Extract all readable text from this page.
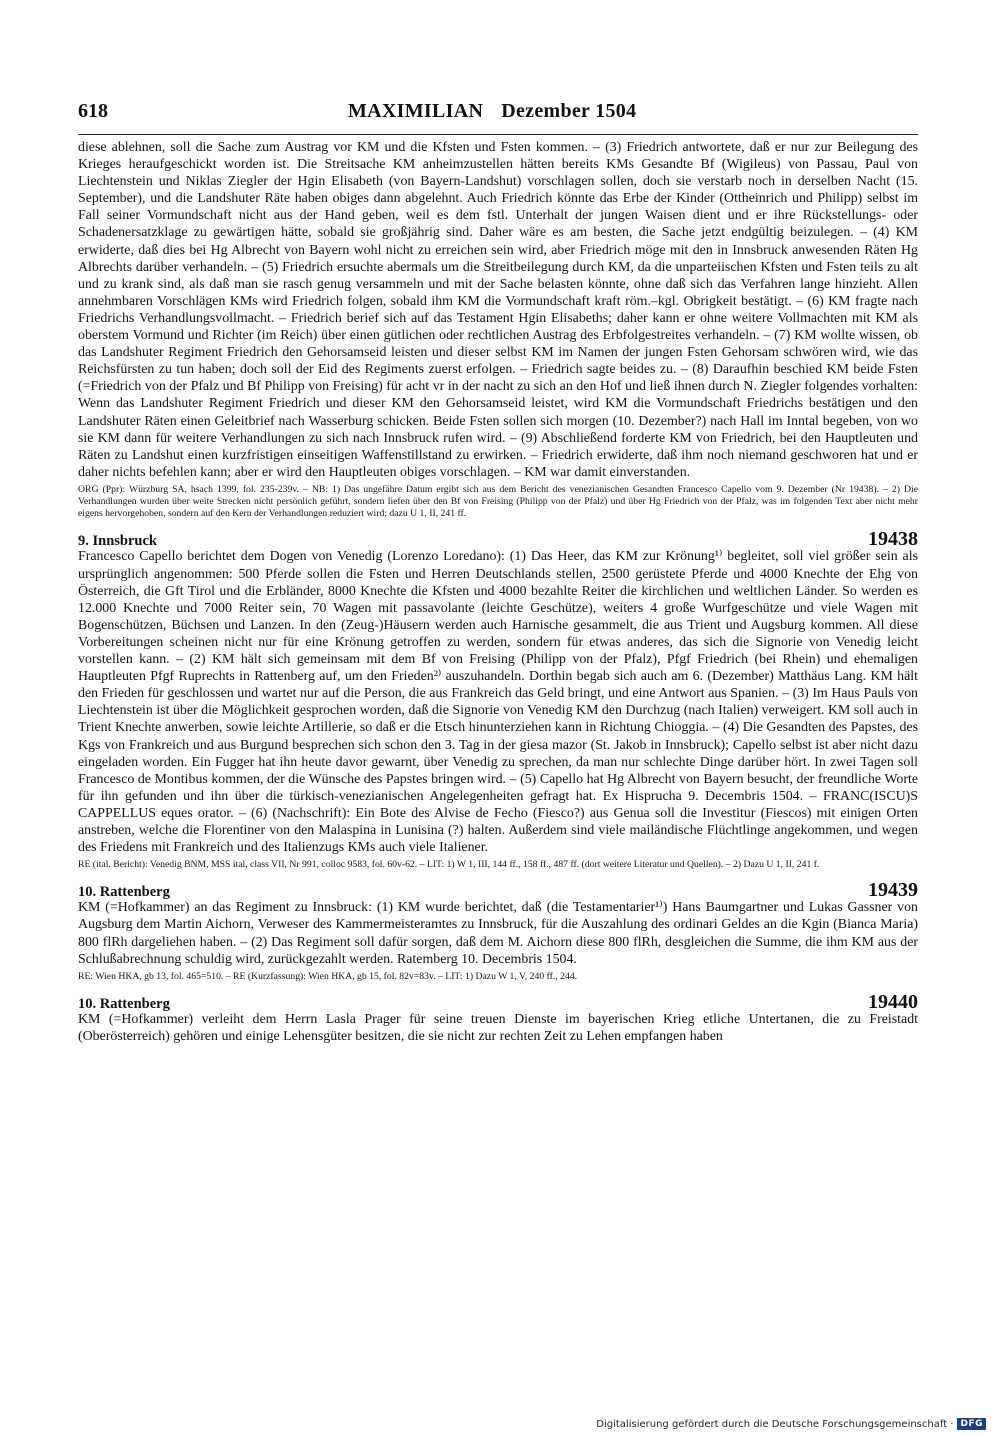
618	MAXIMILIAN Dezember 1504

diese ablehnen, soll die Sache zum Austrag vor KM und die Kfsten und Fsten kommen. – (3) Friedrich antwortete, daß er nur zur Beilegung des Krieges heraufgeschickt worden ist. Die Streitsache KM anheimzustellen hätten bereits KMs Gesandte Bf (Wigileus) von Passau, Paul von Liechtenstein und Niklas Ziegler der Hgin Elisabeth (von Bayern-Landshut) vorschlagen sollen, doch sie verstarb noch in derselben Nacht (15. September), und die Landshuter Räte haben obiges dann abgelehnt. Auch Friedrich könnte das Erbe der Kinder (Ottheinrich und Philipp) selbst im Fall seiner Vormundschaft nicht aus der Hand geben, weil es dem fstl. Unterhalt der jungen Waisen dient und er ihre Rückstellungs- oder Schadenersatzklage zu gewärtigen hätte, sobald sie großjährig sind. Daher wäre es am besten, die Sache jetzt endgültig beizulegen. – (4) KM erwiderte, daß dies bei Hg Albrecht von Bayern wohl nicht zu erreichen sein wird, aber Friedrich möge mit den in Innsbruck anwesenden Räten Hg Albrechts darüber verhandeln. – (5) Friedrich ersuchte abermals um die Streitbeilegung durch KM, da die unparteiischen Kfsten und Fsten teils zu alt und zu krank sind, als daß man sie rasch genug versammeln und mit der Sache belasten könnte, ohne daß sich das Verfahren lange hinzieht. Allen annehmbaren Vorschlägen KMs wird Friedrich folgen, sobald ihm KM die Vormundschaft kraft röm.–kgl. Obrigkeit bestätigt. – (6) KM fragte nach Friedrichs Verhandlungsvollmacht. – Friedrich berief sich auf das Testament Hgin Elisabeths; daher kann er ohne weitere Vollmachten mit KM als oberstem Vormund und Richter (im Reich) über einen gütlichen oder rechtlichen Austrag des Erbfolgestreites verhandeln. – (7) KM wollte wissen, ob das Landshuter Regiment Friedrich den Gehorsamseid leisten und dieser selbst KM im Namen der jungen Fsten Gehorsam schwören wird, wie das Reichsfürsten zu tun haben; doch soll der Eid des Regiments zuerst erfolgen. – Friedrich sagte beides zu. – (8) Daraufhin beschied KM beide Fsten (=Friedrich von der Pfalz und Bf Philipp von Freising) für acht vr in der nacht zu sich an den Hof und ließ ihnen durch N. Ziegler folgendes vorhalten: Wenn das Landshuter Regiment Friedrich und dieser KM den Gehorsamseid leistet, wird KM die Vormundschaft Friedrichs bestätigen und den Landshuter Räten einen Geleitbrief nach Wasserburg schicken. Beide Fsten sollen sich morgen (10. Dezember?) nach Hall im Inntal begeben, von wo sie KM dann für weitere Verhandlungen zu sich nach Innsbruck rufen wird. – (9) Abschließend forderte KM von Friedrich, bei den Hauptleuten und Räten zu Landshut einen kurzfristigen einseitigen Waffenstillstand zu erwirken. – Friedrich erwiderte, daß ihm noch niemand geschworen hat und er daher nichts befehlen kann; aber er wird den Hauptleuten obiges vorschlagen. – KM war damit einverstanden.

ORG (Ppr): Würzburg SA, hsach 1399, fol. 235-239v. – NB: 1) Das ungefähre Datum ergibt sich aus dem Bericht des venezianischen Gesandten Francesco Capello vom 9. Dezember (Nr 19438). – 2) Die Verhandlungen wurden über weite Strecken nicht persönlich geführt, sondern liefen über den Bf von Freising (Philipp von der Pfalz) und über Hg Friedrich von der Pfalz, was im folgenden Text aber nicht mehr eigens hervorgehoben, sondern auf den Kern der Verhandlungen reduziert wird; dazu U 1, II, 241 ff.

9. Innsbruck	19438

Francesco Capello berichtet dem Dogen von Venedig (Lorenzo Loredano): (1) Das Heer, das KM zur Krönung¹⁾ begleitet, soll viel größer sein als ursprünglich angenommen: 500 Pferde sollen die Fsten und Herren Deutschlands stellen, 2500 gerüstete Pferde und 4000 Knechte der Ehg von Österreich, die Gft Tirol und die Erbländer, 8000 Knechte die Kfsten und 4000 bezahlte Reiter die kirchlichen und weltlichen Länder. So werden es 12.000 Knechte und 7000 Reiter sein, 70 Wagen mit passavolante (leichte Geschütze), weiters 4 große Wurfgeschütze und viele Wagen mit Bogenschützen, Büchsen und Lanzen. In den (Zeug-)Häusern werden auch Harnische gesammelt, die aus Trient und Augsburg kommen. All diese Vorbereitungen scheinen nicht nur für eine Krönung getroffen zu werden, sondern für etwas anderes, das sich die Signorie von Venedig leicht vorstellen kann. – (2) KM hält sich gemeinsam mit dem Bf von Freising (Philipp von der Pfalz), Pfgf Friedrich (bei Rhein) und ehemaligen Hauptleuten Pfgf Ruprechts in Rattenberg auf, um den Frieden²⁾ auszuhandeln. Dorthin begab sich auch am 6. (Dezember) Matthäus Lang. KM hält den Frieden für geschlossen und wartet nur auf die Person, die aus Frankreich das Geld bringt, und eine Antwort aus Spanien. – (3) Im Haus Pauls von Liechtenstein ist über die Möglichkeit gesprochen worden, daß die Signorie von Venedig KM den Durchzug (nach Italien) verweigert. KM soll auch in Trient Knechte anwerben, sowie leichte Artillerie, so daß er die Etsch hinunterziehen kann in Richtung Chioggia. – (4) Die Gesandten des Papstes, des Kgs von Frankreich und aus Burgund besprechen sich schon den 3. Tag in der giesa mazor (St. Jakob in Innsbruck); Capello selbst ist aber nicht dazu eingeladen worden. Ein Fugger hat ihn heute davor gewarnt, über Venedig zu sprechen, da man nur schlechte Dinge darüber hört. In zwei Tagen soll Francesco de Montibus kommen, der die Wünsche des Papstes bringen wird. – (5) Capello hat Hg Albrecht von Bayern besucht, der freundliche Worte für ihn gefunden und ihn über die türkisch-venezianischen Angelegenheiten gefragt hat. Ex Hisprucha 9. Decembris 1504. – FRANC(ISCU)S CAPPELLUS eques orator. – (6) (Nachschrift): Ein Bote des Alvise de Fecho (Fiesco?) aus Genua soll die Investitur (Fiescos) mit einigen Orten anstreben, welche die Florentiner von den Malaspina in Lunisina (?) halten. Außerdem sind viele mailändische Flüchtlinge angekommen, und wegen des Friedens mit Frankreich und des Italienzugs KMs auch viele Italiener.

RE (ital. Bericht): Venedig BNM, MSS ital, class VII, Nr 991, colloc 9583, fol. 60v-62. – LIT: 1) W 1, III, 144 ff., 158 ff., 487 ff. (dort weitere Literatur und Quellen). – 2) Dazu U 1, II, 241 f.

10. Rattenberg	19439

KM (=Hofkammer) an das Regiment zu Innsbruck: (1) KM wurde berichtet, daß (die Testamentarier¹⁾) Hans Baumgartner und Lukas Gassner von Augsburg dem Martin Aichorn, Verweser des Kammermeisteramtes zu Innsbruck, für die Auszahlung des ordinari Geldes an die Kgin (Bianca Maria) 800 flRh dargeliehen haben. – (2) Das Regiment soll dafür sorgen, daß dem M. Aichorn diese 800 flRh, desgleichen die Summe, die ihm KM aus der Schlußabrechnung schuldig wird, zurückgezahlt werden. Ratemberg 10. Decembris 1504.

RE: Wien HKA, gb 13, fol. 465=510. – RE (Kurzfassung): Wien HKA, gb 15, fol. 82v=83v. – LIT: 1) Dazu W 1, V, 240 ff., 244.

10. Rattenberg	19440

KM (=Hofkammer) verleiht dem Herrn Lasla Prager für seine treuen Dienste im bayerischen Krieg etliche Untertanen, die zu Freistadt (Oberösterreich) gehören und einige Lehensgüter besitzen, die sie nicht zur rechten Zeit zu Lehen empfangen haben

Digitalisierung gefördert durch die Deutsche Forschungsgemeinschaft · DFG
